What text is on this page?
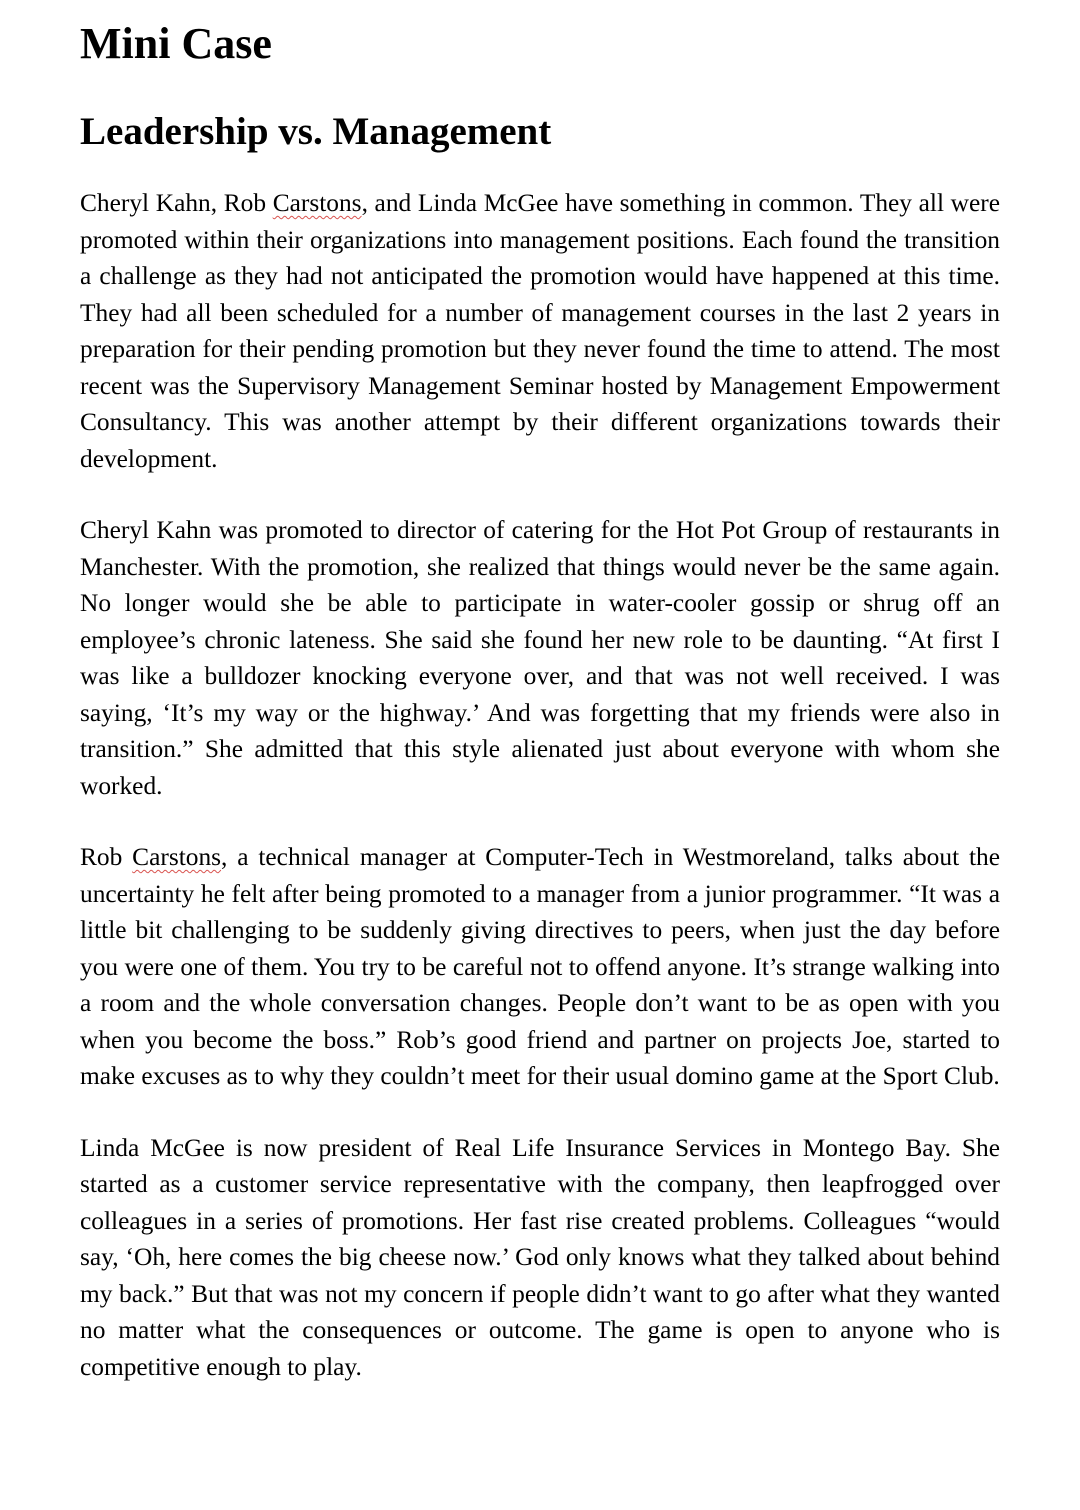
Mini Case
Leadership vs. Management

Cheryl Kahn, Rob Carstons, and Linda McGee have something in common. They all were promoted within their organizations into management positions. Each found the transition a challenge as they had not anticipated the promotion would have happened at this time. They had all been scheduled for a number of management courses in the last 2 years in preparation for their pending promotion but they never found the time to attend. The most recent was the Supervisory Management Seminar hosted by Management Empowerment Consultancy. This was another attempt by their different organizations towards their development.

Cheryl Kahn was promoted to director of catering for the Hot Pot Group of restaurants in Manchester. With the promotion, she realized that things would never be the same again. No longer would she be able to participate in water-cooler gossip or shrug off an employee’s chronic lateness. She said she found her new role to be daunting. “At first I was like a bulldozer knocking everyone over, and that was not well received. I was saying, ‘It’s my way or the highway.’ And was forgetting that my friends were also in transition.” She admitted that this style alienated just about everyone with whom she worked.

Rob Carstons, a technical manager at Computer-Tech in Westmoreland, talks about the uncertainty he felt after being promoted to a manager from a junior programmer. “It was a little bit challenging to be suddenly giving directives to peers, when just the day before you were one of them. You try to be careful not to offend anyone. It’s strange walking into a room and the whole conversation changes. People don’t want to be as open with you when you become the boss.” Rob’s good friend and partner on projects Joe, started to make excuses as to why they couldn’t meet for their usual domino game at the Sport Club.

Linda McGee is now president of Real Life Insurance Services in Montego Bay. She started as a customer service representative with the company, then leapfrogged over colleagues in a series of promotions. Her fast rise created problems. Colleagues “would say, ‘Oh, here comes the big cheese now.’ God only knows what they talked about behind my back.” But that was not my concern if people didn’t want to go after what they wanted no matter what the consequences or outcome. The game is open to anyone who is competitive enough to play.
